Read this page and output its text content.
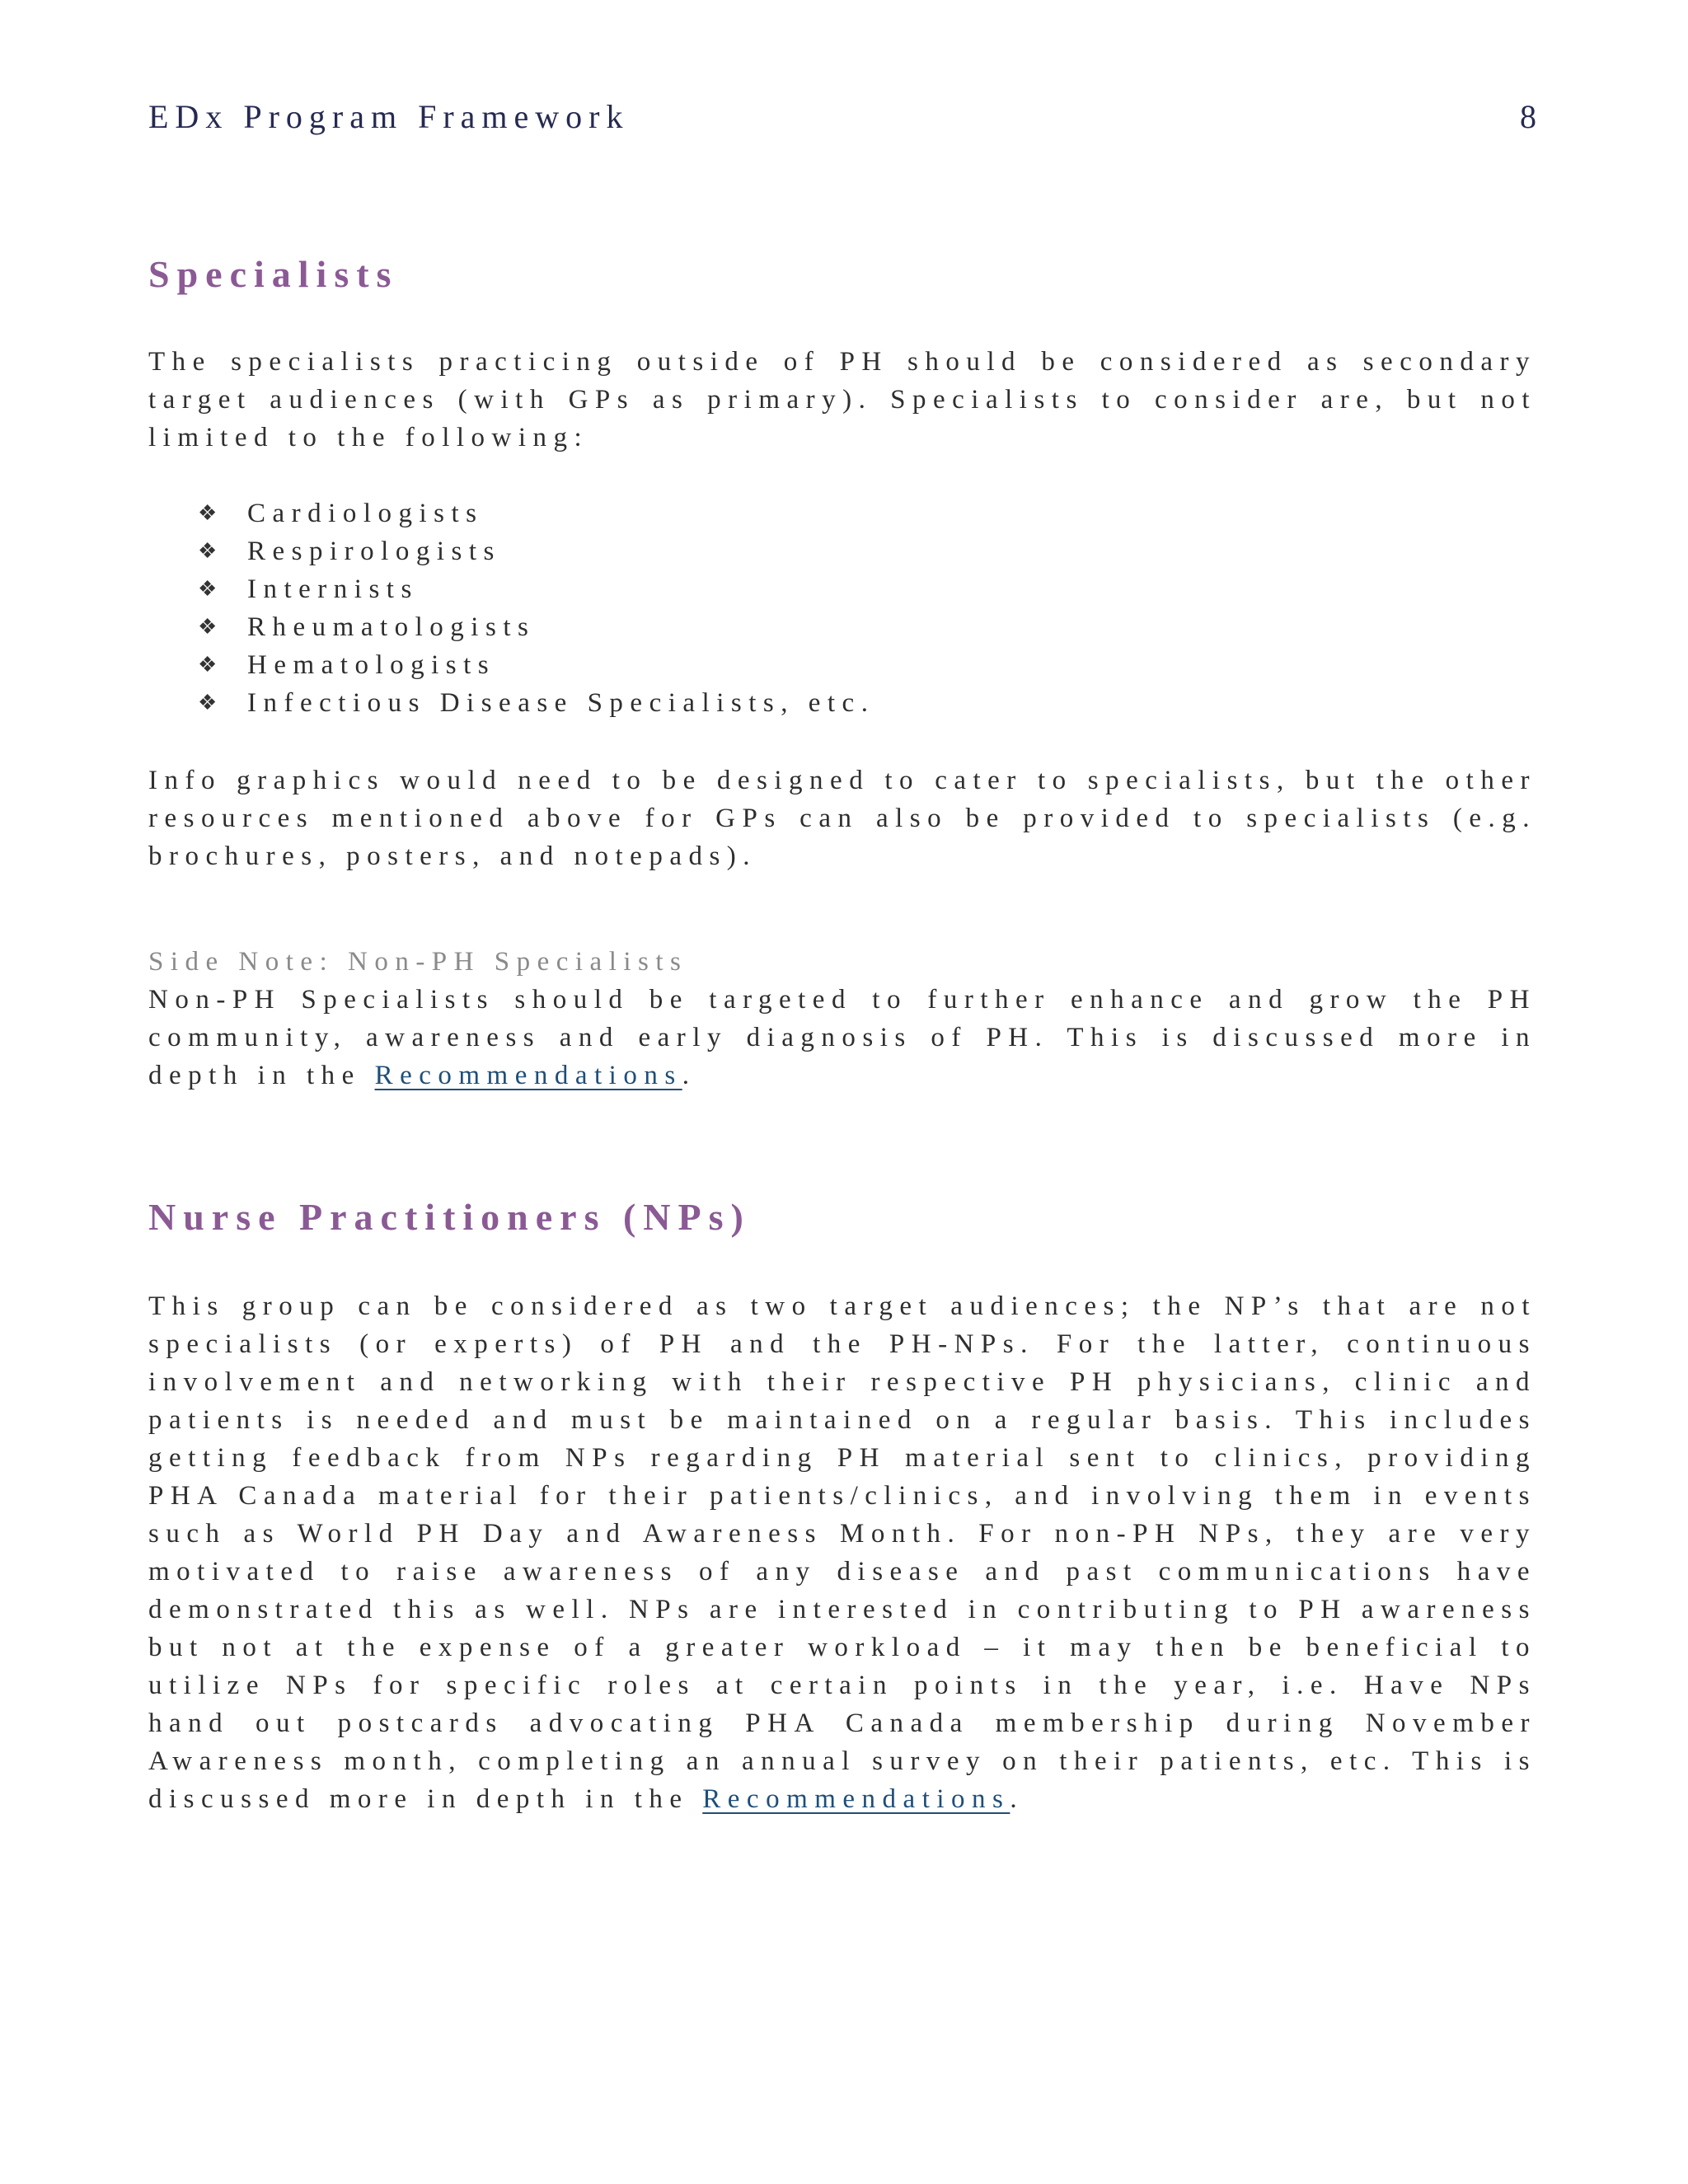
EDx Program Framework	8
Specialists

The specialists practicing outside of PH should be considered as secondary target audiences (with GPs as primary). Specialists to consider are, but not limited to the following:

❖	Cardiologists
❖	Respirologists
❖	Internists
❖	Rheumatologists
❖	Hematologists
❖	Infectious Disease Specialists, etc.

Info graphics would need to be designed to cater to specialists, but the other resources mentioned above for GPs can also be provided to specialists (e.g. brochures, posters, and notepads).

Side Note: Non-PH Specialists

Non-PH Specialists should be targeted to further enhance and grow the PH community, awareness and early diagnosis of PH. This is discussed more in depth in the Recommendations.

Nurse Practitioners (NPs)

This group can be considered as two target audiences; the NP’s that are not specialists (or experts) of PH and the PH-NPs. For the latter, continuous involvement and networking with their respective PH physicians, clinic and patients is needed and must be maintained on a regular basis. This includes getting feedback from NPs regarding PH material sent to clinics, providing PHA Canada material for their patients/clinics, and involving them in events such as World PH Day and Awareness Month. For non-PH NPs, they are very motivated to raise awareness of any disease and past communications have demonstrated this as well. NPs are interested in contributing to PH awareness but not at the expense of a greater workload – it may then be beneficial to utilize NPs for specific roles at certain points in the year, i.e. Have NPs hand out postcards advocating PHA Canada membership during November Awareness month, completing an annual survey on their patients, etc. This is discussed more in depth in the Recommendations.
